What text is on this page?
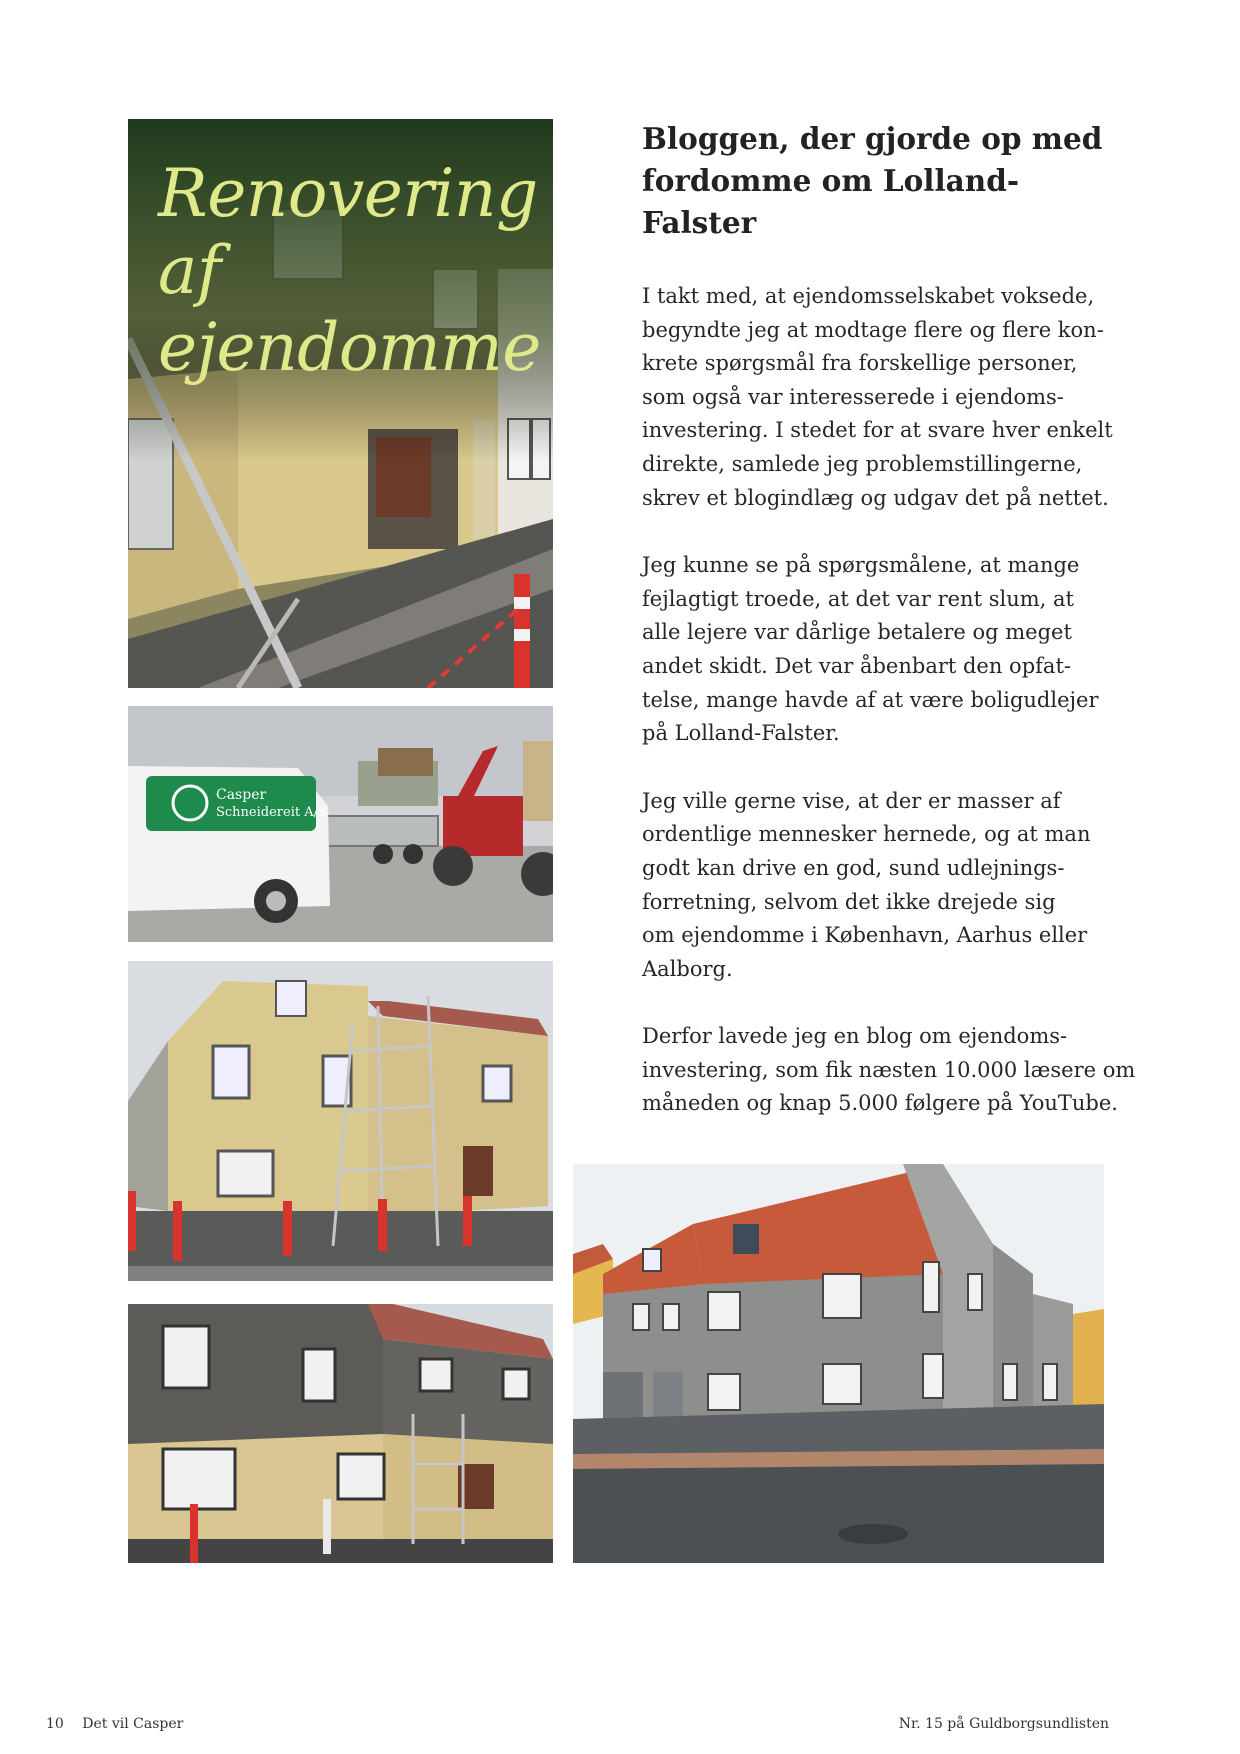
Renovering
af
ejendomme
Casper
Schneidereit A/S
Bloggen, der gjorde op med
fordomme om Lolland-Falster

I takt med, at ejendomsselskabet voksede,
begyndte jeg at modtage flere og flere kon-
krete spørgsmål fra forskellige personer,
som også var interesserede i ejendoms-
investering. I stedet for at svare hver enkelt
direkte, samlede jeg problemstillingerne,
skrev et blogindlæg og udgav det på nettet.

Jeg kunne se på spørgsmålene, at mange
fejlagtigt troede, at det var rent slum, at
alle lejere var dårlige betalere og meget
andet skidt. Det var åbenbart den opfat-
telse, mange havde af at være boligudlejer
på Lolland-Falster.

Jeg ville gerne vise, at der er masser af
ordentlige mennesker hernede, og at man
godt kan drive en god, sund udlejnings-
forretning, selvom det ikke drejede sig
om ejendomme i København, Aarhus eller
Aalborg.

Derfor lavede jeg en blog om ejendoms-
investering, som fik næsten 10.000 læsere om
måneden og knap 5.000 følgere på YouTube.

10 Det vil Casper	Nr. 15 på Guldborgsundlisten
